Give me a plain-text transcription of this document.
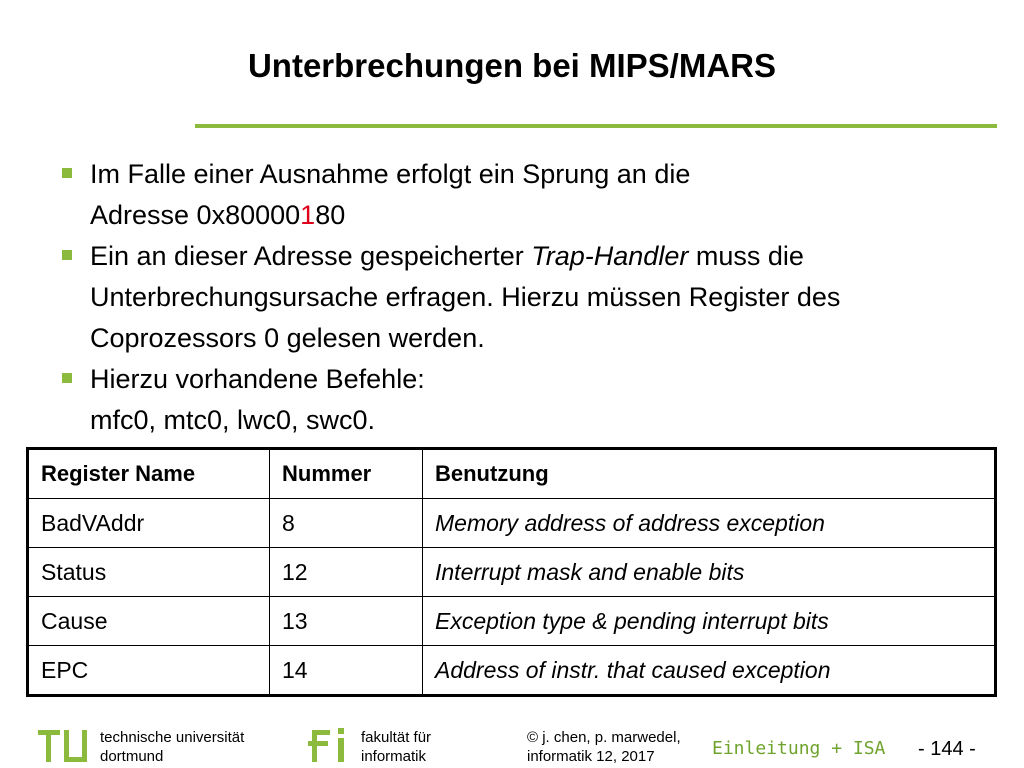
Unterbrechungen bei MIPS/MARS
Im Falle einer Ausnahme erfolgt ein Sprung an die
Adresse 0x80000180
Ein an dieser Adresse gespeicherter Trap-Handler muss die Unterbrechungsursache erfragen. Hierzu müssen Register des Coprozessors 0 gelesen werden.
Hierzu vorhandene Befehle:
mfc0, mtc0, lwc0, swc0.
Register Name	Nummer	Benutzung
BadVAddr	8	Memory address of address exception
Status	12	Interrupt mask and enable bits
Cause	13	Exception type & pending interrupt bits
EPC	14	Address of instr. that caused exception
technische universität
dortmund
fakultät für
informatik
© j. chen, p. marwedel,
informatik 12, 2017	Einleitung + ISA - 144 -
